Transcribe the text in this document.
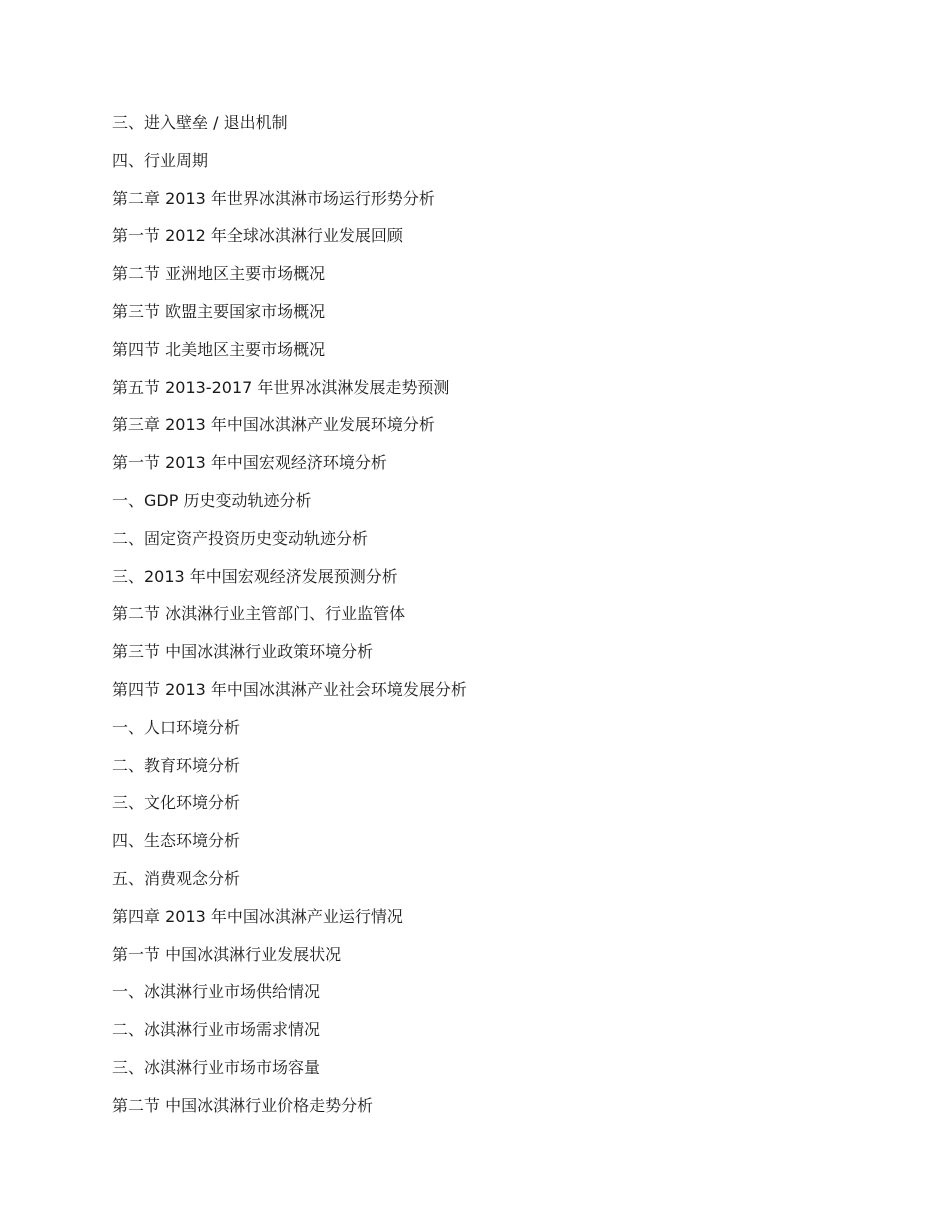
三、进入壁垒 / 退出机制
四、行业周期
第二章 2013 年世界冰淇淋市场运行形势分析
第一节 2012 年全球冰淇淋行业发展回顾
第二节 亚洲地区主要市场概况
第三节 欧盟主要国家市场概况
第四节 北美地区主要市场概况
第五节 2013-2017 年世界冰淇淋发展走势预测
第三章 2013 年中国冰淇淋产业发展环境分析
第一节 2013 年中国宏观经济环境分析
一、GDP 历史变动轨迹分析
二、固定资产投资历史变动轨迹分析
三、2013 年中国宏观经济发展预测分析
第二节 冰淇淋行业主管部门、行业监管体
第三节 中国冰淇淋行业政策环境分析
第四节 2013 年中国冰淇淋产业社会环境发展分析
一、人口环境分析
二、教育环境分析
三、文化环境分析
四、生态环境分析
五、消费观念分析
第四章 2013 年中国冰淇淋产业运行情况
第一节 中国冰淇淋行业发展状况
一、冰淇淋行业市场供给情况
二、冰淇淋行业市场需求情况
三、冰淇淋行业市场市场容量
第二节 中国冰淇淋行业价格走势分析
